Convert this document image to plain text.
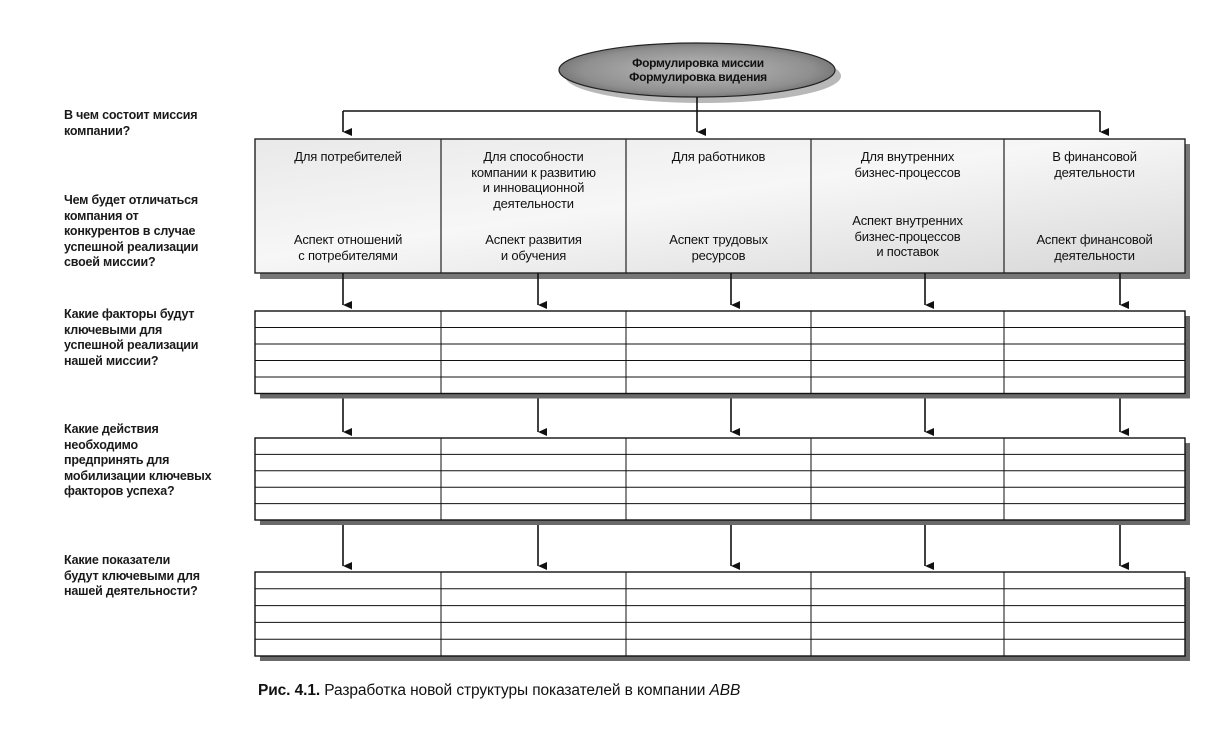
Формулировка миссии
Формулировка видения
В чем состоит миссия
компании?
Чем будет отличаться
компания от
конкурентов в случае
успешной реализации
своей миссии?
Какие факторы будут
ключевыми для
успешной реализации
нашей миссии?
Какие действия
необходимо
предпринять для
мобилизации ключевых
факторов успеха?
Какие показатели
будут ключевыми для
нашей деятельности?
Для потребителей
Аспект отношений
с потребителями
Для способности
компании к развитию
и инновационной
деятельности
Аспект развития
и обучения
Для работников
Аспект трудовых
ресурсов
Для внутренних
бизнес-процессов
Аспект внутренних
бизнес-процессов
и поставок
В финансовой
деятельности
Аспект финансовой
деятельности
Рис. 4.1. Разработка новой структуры показателей в компании ABB
